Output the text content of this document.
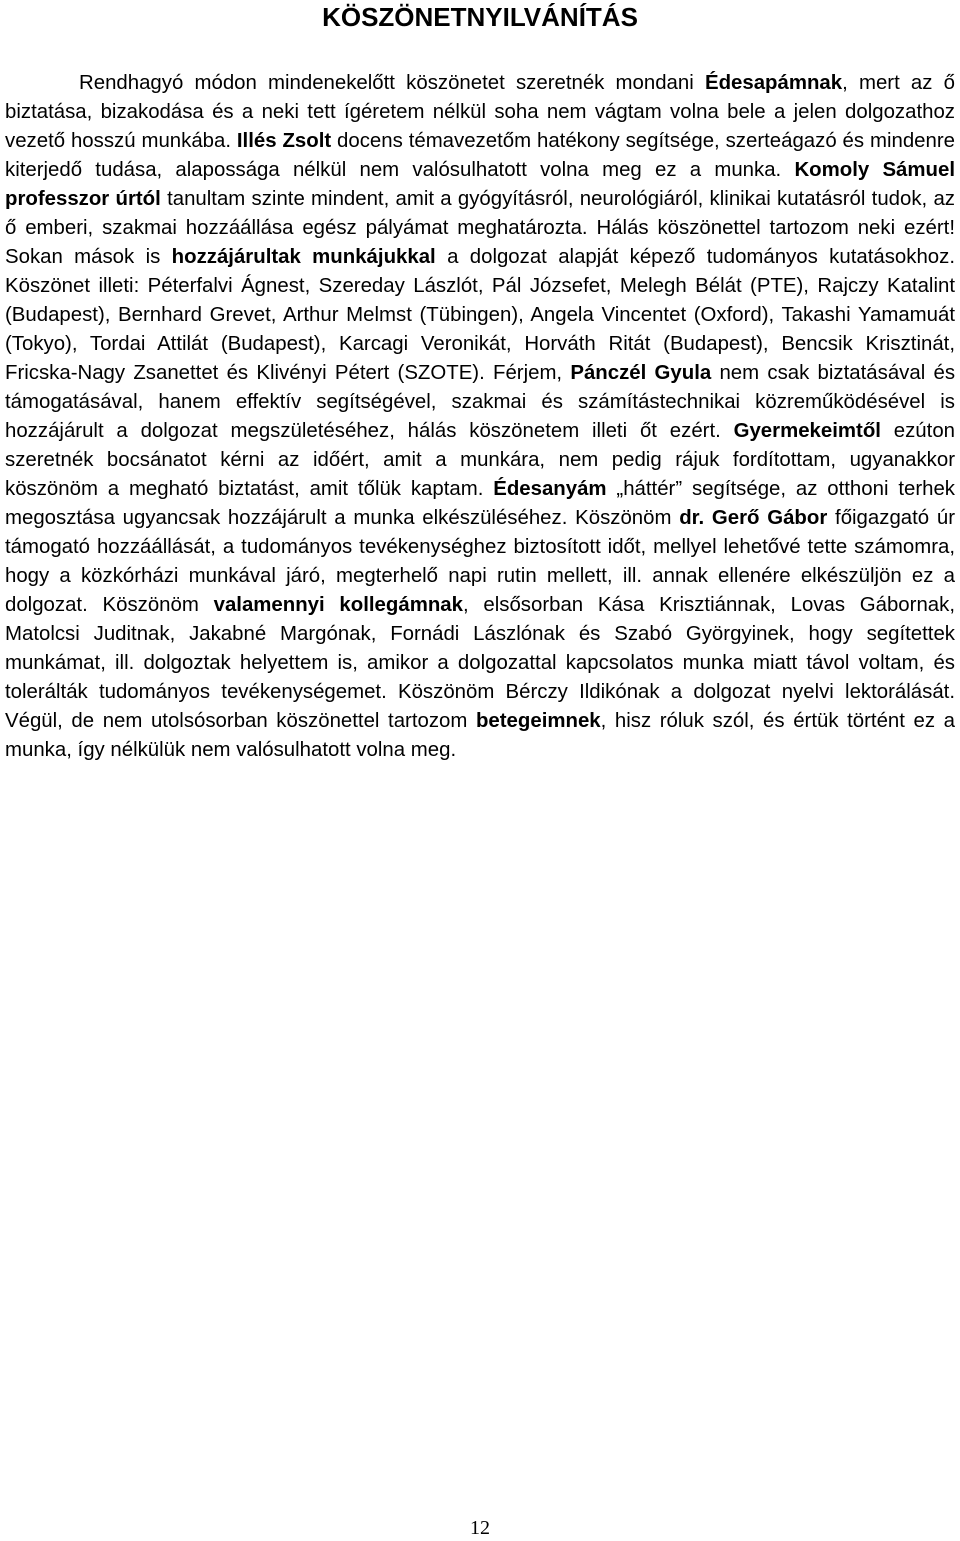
KÖSZÖNETNYILVÁNÍTÁS

Rendhagyó módon mindenekelőtt köszönetet szeretnék mondani Édesapámnak, mert az ő biztatása, bizakodása és a neki tett ígéretem nélkül soha nem vágtam volna bele a jelen dolgozathoz vezető hosszú munkába. Illés Zsolt docens témavezetőm hatékony segítsége, szerteágazó és mindenre kiterjedő tudása, alapossága nélkül nem valósulhatott volna meg ez a munka. Komoly Sámuel professzor úrtól tanultam szinte mindent, amit a gyógyításról, neurológiáról, klinikai kutatásról tudok, az ő emberi, szakmai hozzáállása egész pályámat meghatározta. Hálás köszönettel tartozom neki ezért! Sokan mások is hozzájárultak munkájukkal a dolgozat alapját képező tudományos kutatásokhoz. Köszönet illeti: Péterfalvi Ágnest, Szereday Lászlót, Pál Józsefet, Melegh Bélát (PTE), Rajczy Katalint (Budapest), Bernhard Grevet, Arthur Melmst (Tübingen), Angela Vincentet (Oxford), Takashi Yamamuát (Tokyo), Tordai Attilát (Budapest), Karcagi Veronikát, Horváth Ritát (Budapest), Bencsik Krisztinát, Fricska-Nagy Zsanettet és Klivényi Pétert (SZOTE). Férjem, Pánczél Gyula nem csak biztatásával és támogatásával, hanem effektív segítségével, szakmai és számítástechnikai közreműködésével is hozzájárult a dolgozat megszületéséhez, hálás köszönetem illeti őt ezért. Gyermekeimtől ezúton szeretnék bocsánatot kérni az időért, amit a munkára, nem pedig rájuk fordítottam, ugyanakkor köszönöm a megható biztatást, amit tőlük kaptam. Édesanyám „háttér” segítsége, az otthoni terhek megosztása ugyancsak hozzájárult a munka elkészüléséhez. Köszönöm dr. Gerő Gábor főigazgató úr támogató hozzáállását, a tudományos tevékenységhez biztosított időt, mellyel lehetővé tette számomra, hogy a közkórházi munkával járó, megterhelő napi rutin mellett, ill. annak ellenére elkészüljön ez a dolgozat. Köszönöm valamennyi kollegámnak, elsősorban Kása Krisztiánnak, Lovas Gábornak, Matolcsi Juditnak, Jakabné Margónak, Fornádi Lászlónak és Szabó Györgyinek, hogy segítettek munkámat, ill. dolgoztak helyettem is, amikor a dolgozattal kapcsolatos munka miatt távol voltam, és tolerálták tudományos tevékenységemet. Köszönöm Bérczy Ildikónak a dolgozat nyelvi lektorálását. Végül, de nem utolsósorban köszönettel tartozom betegeimnek, hisz róluk szól, és értük történt ez a munka, így nélkülük nem valósulhatott volna meg.

12
